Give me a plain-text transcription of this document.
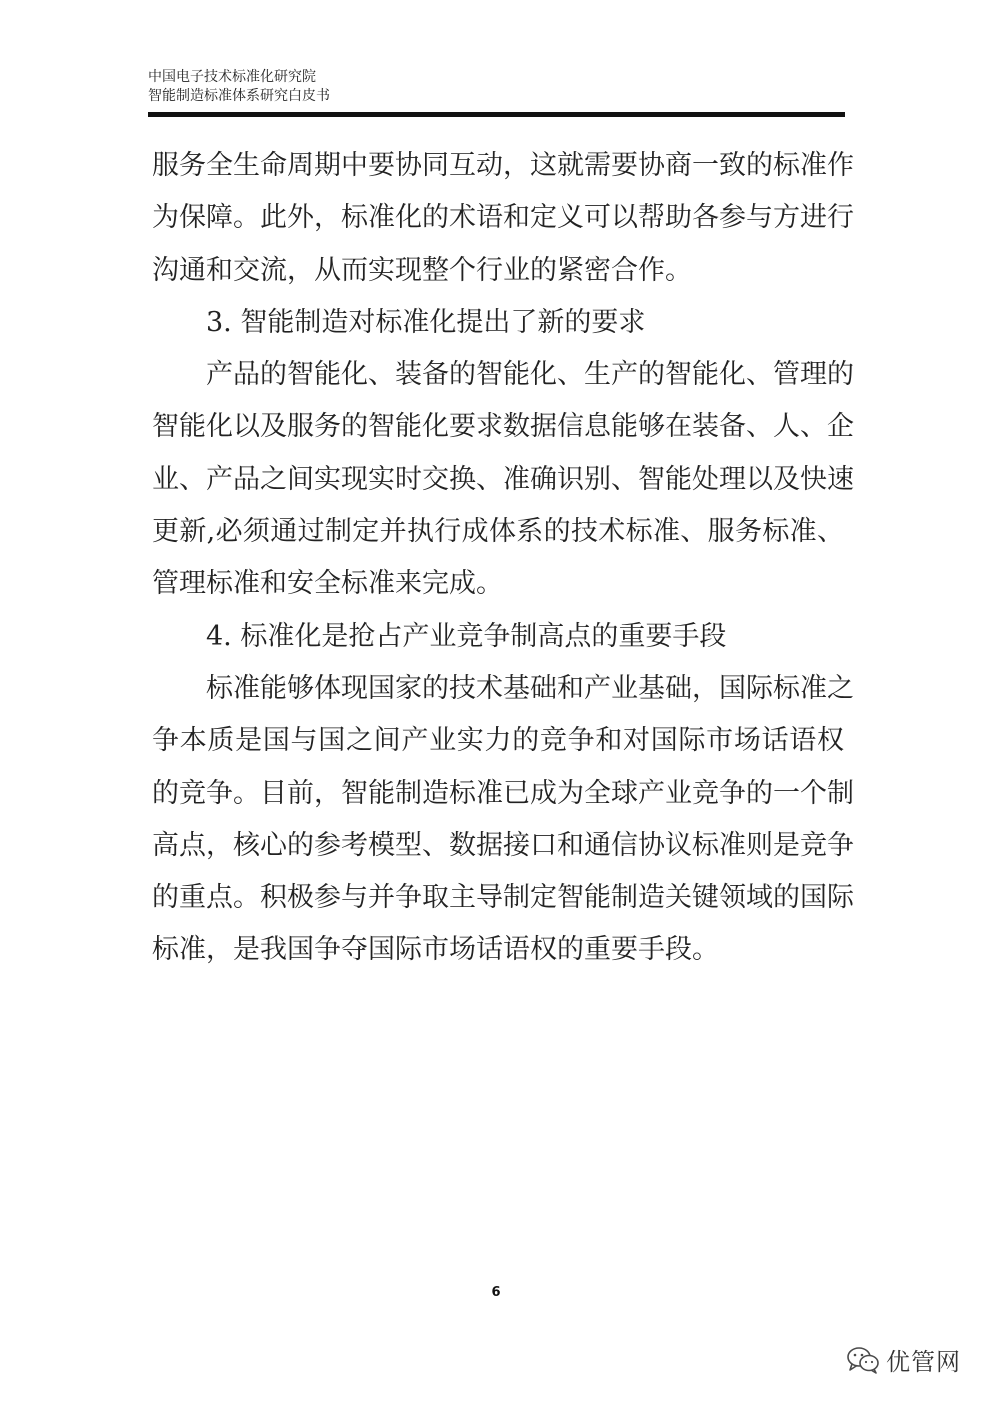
中国电子技术标准化研究院
智能制造标准体系研究白皮书
服务全生命周期中要协同互动，这就需要协商一致的标准作
为保障。此外，标准化的术语和定义可以帮助各参与方进行
沟通和交流，从而实现整个行业的紧密合作。
3. 智能制造对标准化提出了新的要求
产品的智能化、装备的智能化、生产的智能化、管理的
智能化以及服务的智能化要求数据信息能够在装备、人、企
业、产品之间实现实时交换、准确识别、智能处理以及快速
更新,必须通过制定并执行成体系的技术标准、服务标准、
管理标准和安全标准来完成。
4. 标准化是抢占产业竞争制高点的重要手段
标准能够体现国家的技术基础和产业基础，国际标准之
争本质是国与国之间产业实力的竞争和对国际市场话语权
的竞争。目前，智能制造标准已成为全球产业竞争的一个制
高点，核心的参考模型、数据接口和通信协议标准则是竞争
的重点。积极参与并争取主导制定智能制造关键领域的国际
标准，是我国争夺国际市场话语权的重要手段。
6
优管网
